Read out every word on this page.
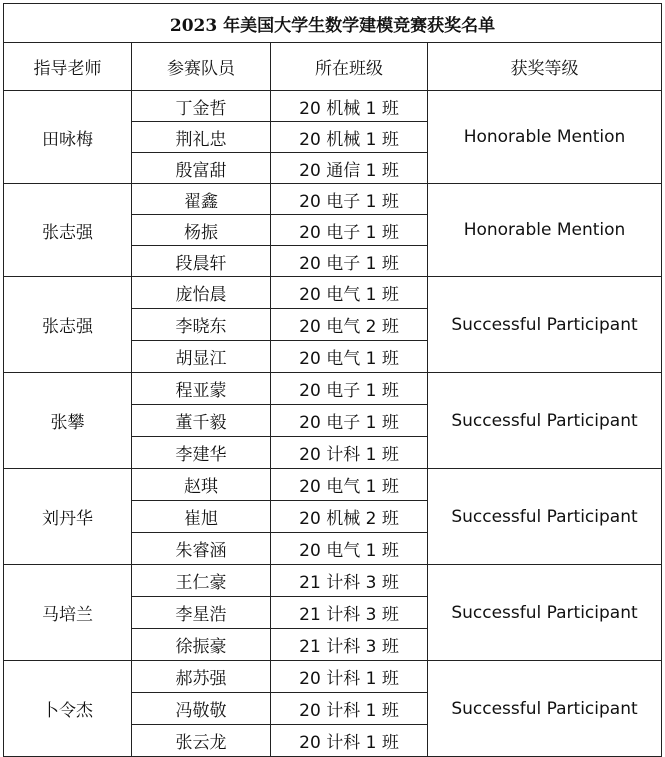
2023 年美国大学生数学建模竞赛获奖名单			
指导老师	参赛队员	所在班级	获奖等级
田咏梅	丁金哲	20 机械 1 班	Honorable Mention
	荆礼忠	20 机械 1 班	
	殷富甜	20 通信 1 班	
张志强	翟鑫	20 电子 1 班	Honorable Mention
	杨振	20 电子 1 班	
	段晨轩	20 电子 1 班	
张志强	庞怡晨	20 电气 1 班	Successful Participant
	李晓东	20 电气 2 班	
	胡显江	20 电气 1 班	
张攀	程亚蒙	20 电子 1 班	Successful Participant
	董千毅	20 电子 1 班	
	李建华	20 计科 1 班	
刘丹华	赵琪	20 电气 1 班	Successful Participant
	崔旭	20 机械 2 班	
	朱睿涵	20 电气 1 班	
马培兰	王仁豪	21 计科 3 班	Successful Participant
	李星浩	21 计科 3 班	
	徐振豪	21 计科 3 班	
卜令杰	郝苏强	20 计科 1 班	Successful Participant
	冯敬敬	20 计科 1 班	
	张云龙	20 计科 1 班	
